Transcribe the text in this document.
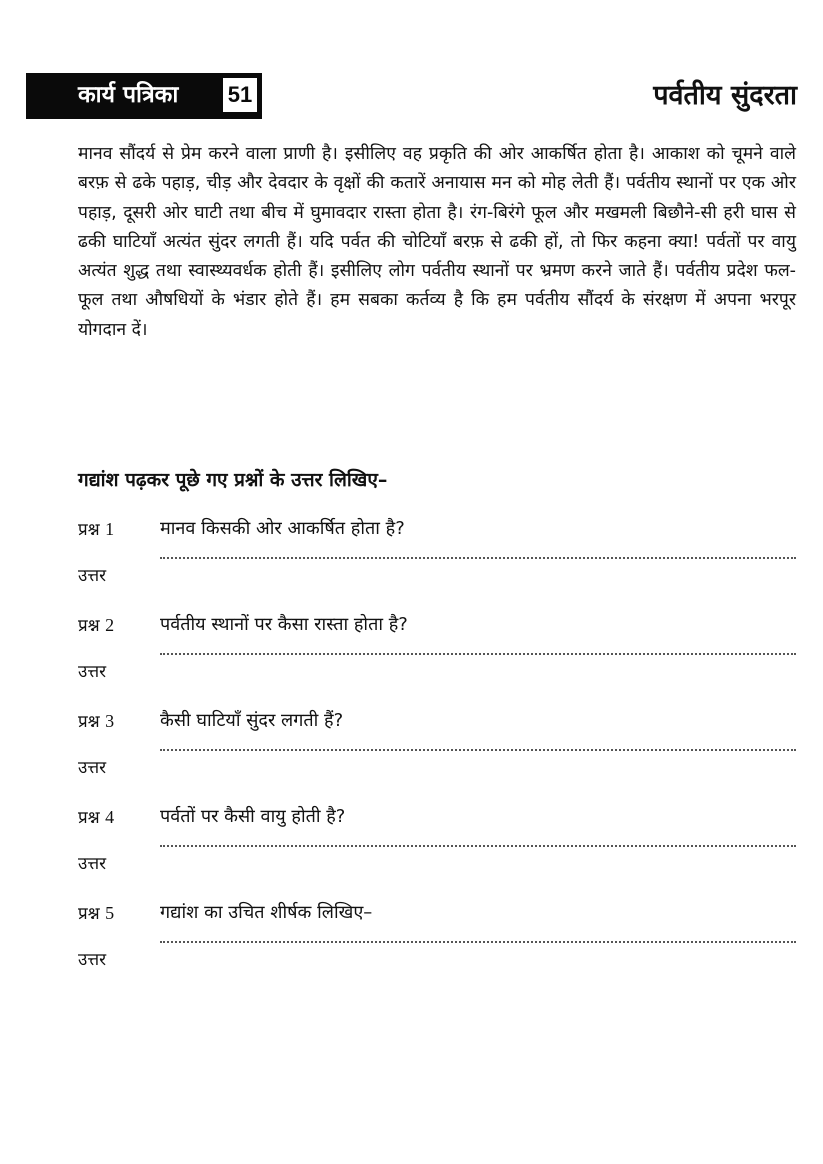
कार्य पत्रिका	51	पर्वतीय सुंदरता

मानव सौंदर्य से प्रेम करने वाला प्राणी है। इसीलिए वह प्रकृति की ओर आकर्षित होता है। आकाश को चूमने वाले बरफ़ से ढके पहाड़, चीड़ और देवदार के वृक्षों की कतारें अनायास मन को मोह लेती हैं। पर्वतीय स्थानों पर एक ओर पहाड़, दूसरी ओर घाटी तथा बीच में घुमावदार रास्ता होता है। रंग-बिरंगे फूल और मखमली बिछौने-सी हरी घास से ढकी घाटियाँ अत्यंत सुंदर लगती हैं। यदि पर्वत की चोटियाँ बरफ़ से ढकी हों, तो फिर कहना क्या! पर्वतों पर वायु अत्यंत शुद्ध तथा स्वास्थ्यवर्धक होती हैं। इसीलिए लोग पर्वतीय स्थानों पर भ्रमण करने जाते हैं। पर्वतीय प्रदेश फल-फूल तथा औषधियों के भंडार होते हैं। हम सबका कर्तव्य है कि हम पर्वतीय सौंदर्य के संरक्षण में अपना भरपूर योगदान दें।

गद्यांश पढ़कर पूछे गए प्रश्नों के उत्तर लिखिए–
प्रश्न 1	मानव किसकी ओर आकर्षित होता है?
उत्तर
प्रश्न 2	पर्वतीय स्थानों पर कैसा रास्ता होता है?
उत्तर
प्रश्न 3	कैसी घाटियाँ सुंदर लगती हैं?
उत्तर
प्रश्न 4	पर्वतों पर कैसी वायु होती है?
उत्तर
प्रश्न 5	गद्यांश का उचित शीर्षक लिखिए–
उत्तर
